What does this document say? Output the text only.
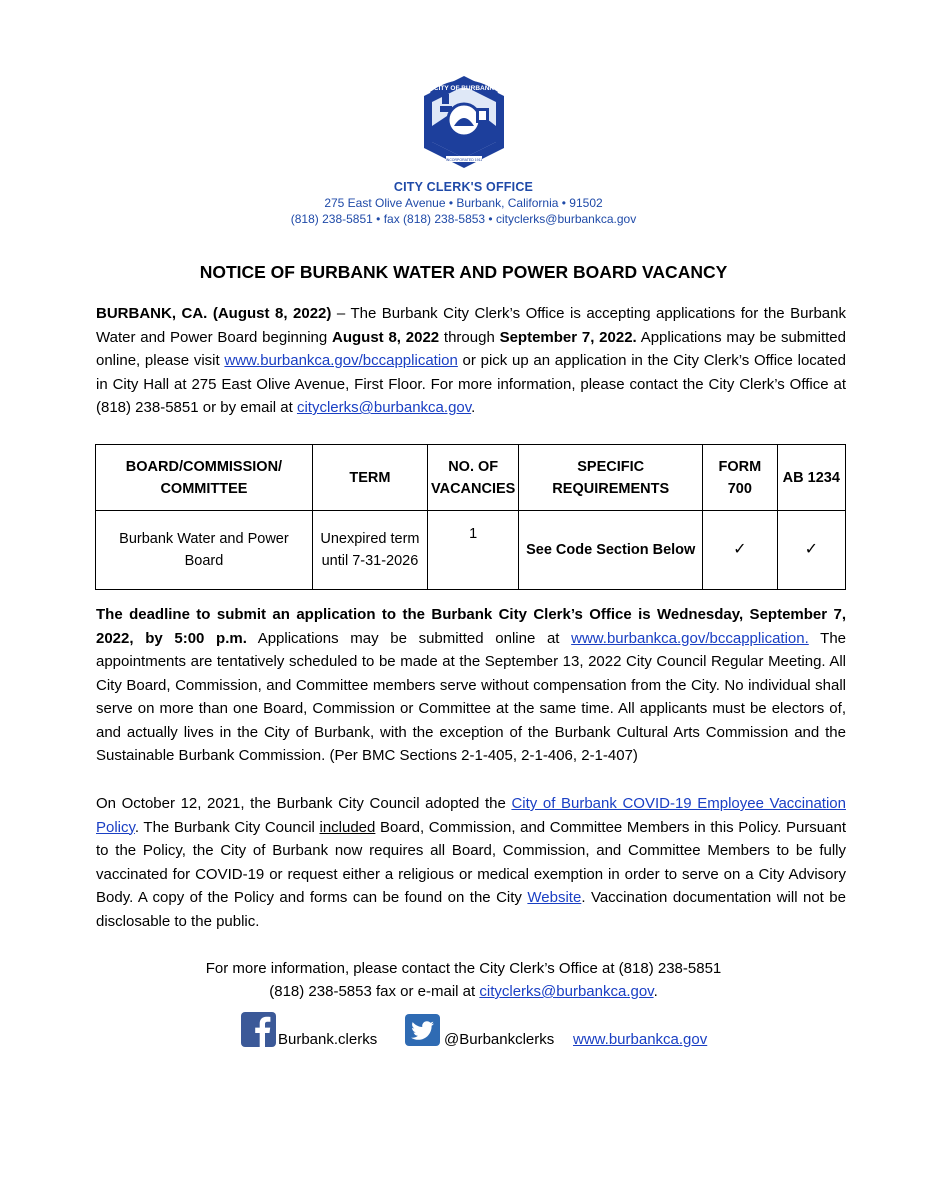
CITY OF BURBANK
INCORPORATED 1911
CITY CLERK'S OFFICE
275 East Olive Avenue • Burbank, California • 91502
(818) 238-5851 • fax (818) 238-5853 • cityclerks@burbankca.gov
NOTICE OF BURBANK WATER AND POWER BOARD VACANCY

BURBANK, CA. (August 8, 2022) – The Burbank City Clerk’s Office is accepting applications for the Burbank Water and Power Board beginning August 8, 2022 through September 7, 2022. Applications may be submitted online, please visit www.burbankca.gov/bccapplication or pick up an application in the City Clerk’s Office located in City Hall at 275 East Olive Avenue, First Floor. For more information, please contact the City Clerk’s Office at (818) 238-5851 or by email at cityclerks@burbankca.gov.

BOARD/COMMISSION/ COMMITTEE	TERM	NO. OF VACANCIES	SPECIFIC REQUIREMENTS	FORM 700	AB 1234
Burbank Water and Power Board	Unexpired term until 7-31-2026	1	See Code Section Below	✓	✓

The deadline to submit an application to the Burbank City Clerk’s Office is Wednesday, September 7, 2022, by 5:00 p.m. Applications may be submitted online at www.burbankca.gov/bccapplication. The appointments are tentatively scheduled to be made at the September 13, 2022 City Council Regular Meeting. All City Board, Commission, and Committee members serve without compensation from the City. No individual shall serve on more than one Board, Commission or Committee at the same time. All applicants must be electors of, and actually lives in the City of Burbank, with the exception of the Burbank Cultural Arts Commission and the Sustainable Burbank Commission. (Per BMC Sections 2-1-405, 2-1-406, 2-1-407)

On October 12, 2021, the Burbank City Council adopted the City of Burbank COVID-19 Employee Vaccination Policy. The Burbank City Council included Board, Commission, and Committee Members in this Policy. Pursuant to the Policy, the City of Burbank now requires all Board, Commission, and Committee Members to be fully vaccinated for COVID-19 or request either a religious or medical exemption in order to serve on a City Advisory Body. A copy of the Policy and forms can be found on the City Website. Vaccination documentation will not be disclosable to the public.

For more information, please contact the City Clerk’s Office at (818) 238-5851
(818) 238-5853 fax or e-mail at cityclerks@burbankca.gov.
Burbank.clerks	@Burbankclerks www.burbankca.gov
